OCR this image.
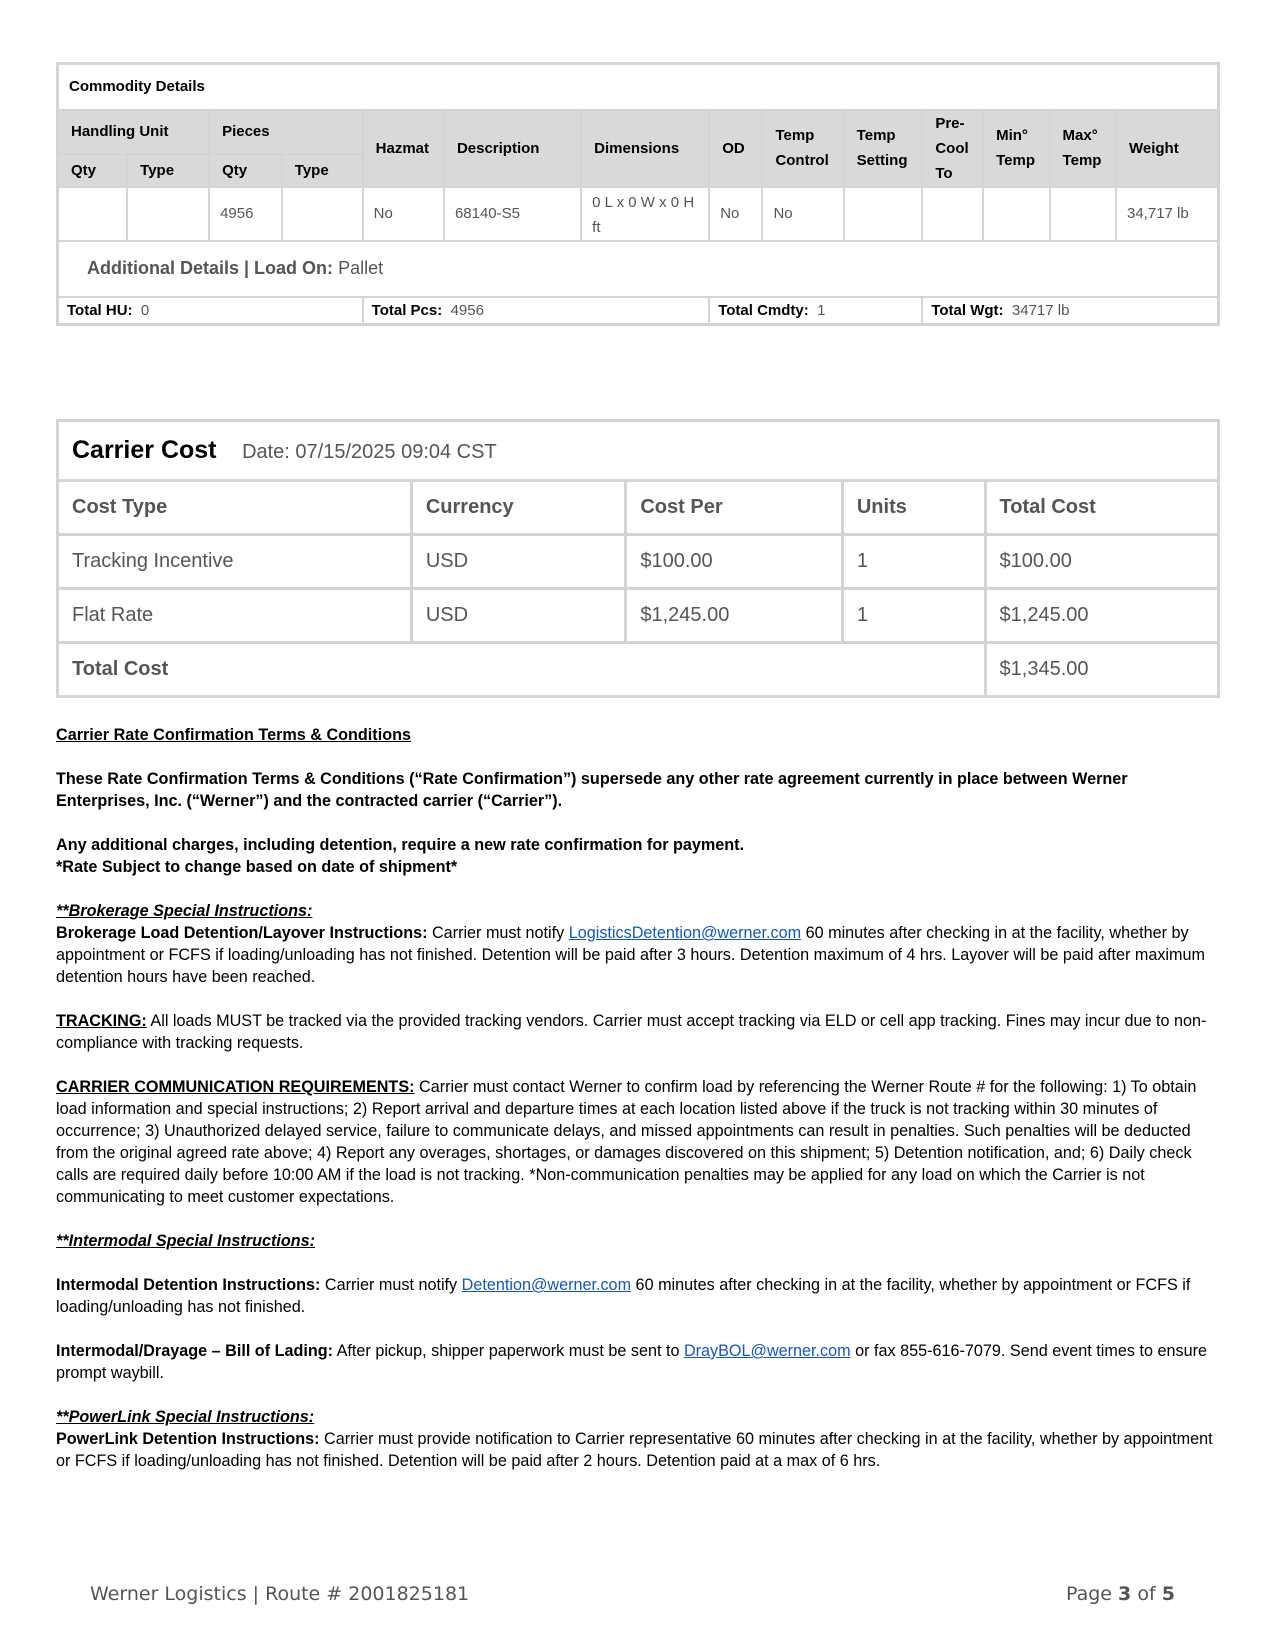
Commodity Details													
Handling Unit		Pieces		Hazmat	Description	Dimensions	OD	Temp Control	Temp Setting	Pre-Cool To	Min° Temp	Max° Temp	Weight
Qty	Type	Qty	Type										
		4956		No	68140-S5	0 L x 0 W x 0 H ft	No	No					34,717 lb
Additional Details | Load On: Pallet													
Total HU: 0				Total Pcs: 4956			Total Cmdty: 1			Total Wgt: 34717 lb			
Carrier Cost Date: 07/15/2025 09:04 CST				
Cost Type	Currency	Cost Per	Units	Total Cost
Tracking Incentive	USD	$100.00	1	$100.00
Flat Rate	USD	$1,245.00	1	$1,245.00
Total Cost				$1,345.00

Carrier Rate Confirmation Terms & Conditions

These Rate Confirmation Terms & Conditions (“Rate Confirmation”) supersede any other rate agreement currently in place between Werner Enterprises, Inc. (“Werner”) and the contracted carrier (“Carrier”).

Any additional charges, including detention, require a new rate confirmation for payment.

*Rate Subject to change based on date of shipment*

**Brokerage Special Instructions:

Brokerage Load Detention/Layover Instructions: Carrier must notify LogisticsDetention@werner.com 60 minutes after checking in at the facility, whether by appointment or FCFS if loading/unloading has not finished. Detention will be paid after 3 hours. Detention maximum of 4 hrs. Layover will be paid after maximum detention hours have been reached.

TRACKING: All loads MUST be tracked via the provided tracking vendors. Carrier must accept tracking via ELD or cell app tracking. Fines may incur due to non-compliance with tracking requests.

CARRIER COMMUNICATION REQUIREMENTS: Carrier must contact Werner to confirm load by referencing the Werner Route # for the following: 1) To obtain load information and special instructions; 2) Report arrival and departure times at each location listed above if the truck is not tracking within 30 minutes of occurrence; 3) Unauthorized delayed service, failure to communicate delays, and missed appointments can result in penalties. Such penalties will be deducted from the original agreed rate above; 4) Report any overages, shortages, or damages discovered on this shipment; 5) Detention notification, and; 6) Daily check calls are required daily before 10:00 AM if the load is not tracking. *Non-communication penalties may be applied for any load on which the Carrier is not communicating to meet customer expectations.

**Intermodal Special Instructions:

Intermodal Detention Instructions: Carrier must notify Detention@werner.com 60 minutes after checking in at the facility, whether by appointment or FCFS if loading/unloading has not finished.

Intermodal/Drayage – Bill of Lading: After pickup, shipper paperwork must be sent to DrayBOL@werner.com or fax 855-616-7079. Send event times to ensure prompt waybill.

**PowerLink Special Instructions:

PowerLink Detention Instructions: Carrier must provide notification to Carrier representative 60 minutes after checking in at the facility, whether by appointment or FCFS if loading/unloading has not finished. Detention will be paid after 2 hours. Detention paid at a max of 6 hrs.

Werner Logistics | Route # 2001825181	Page 3 of 5
